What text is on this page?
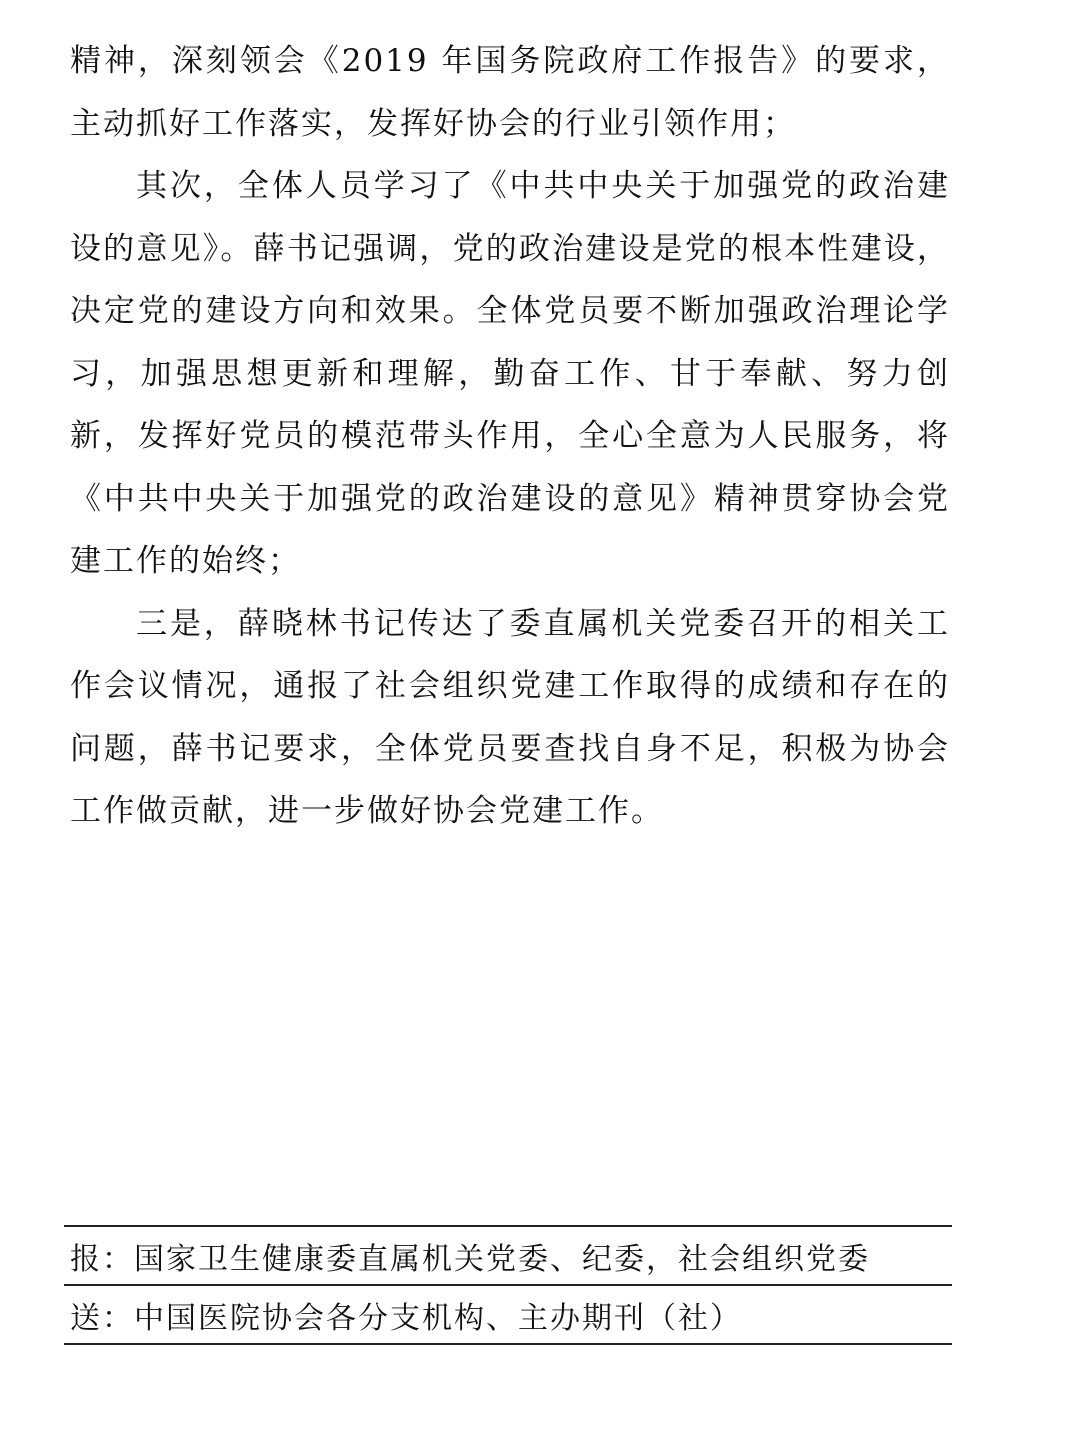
精神，深刻领会《2019 年国务院政府工作报告》的要求，主动抓好工作落实，发挥好协会的行业引领作用；

其次，全体人员学习了《中共中央关于加强党的政治建设的意见》。薛书记强调，党的政治建设是党的根本性建设，决定党的建设方向和效果。全体党员要不断加强政治理论学习，加强思想更新和理解，勤奋工作、甘于奉献、努力创新，发挥好党员的模范带头作用，全心全意为人民服务，将《中共中央关于加强党的政治建设的意见》精神贯穿协会党建工作的始终；

三是，薛晓林书记传达了委直属机关党委召开的相关工作会议情况，通报了社会组织党建工作取得的成绩和存在的问题，薛书记要求，全体党员要查找自身不足，积极为协会工作做贡献，进一步做好协会党建工作。

报：国家卫生健康委直属机关党委、纪委，社会组织党委
送：中国医院协会各分支机构、主办期刊（社）
